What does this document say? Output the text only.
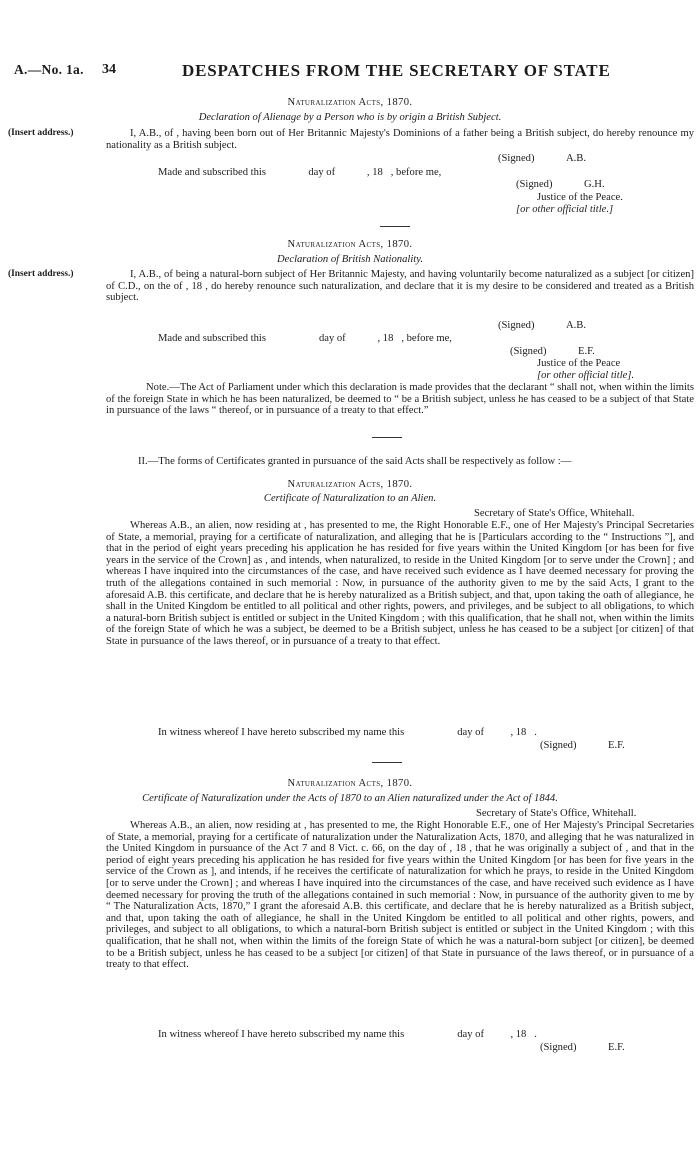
A.—No. 1a. 34	DESPATCHES FROM THE SECRETARY OF STATE
Naturalization Acts, 1870.
Declaration of Alienage by a Person who is by origin a British Subject.
(Insert address.)	I, A.B., of , having been born out of Her Britannic Majesty's Dominions of a father being a British subject, do hereby renounce my nationality as a British subject.
(Signed)	A.B.
Made and subscribed this                day of            , 18   , before me,
(Signed)	G.H.
Justice of the Peace.
[or other official title.]
Naturalization Acts, 1870.
Declaration of British Nationality.
(Insert address.)	I, A.B., of being a natural-born subject of Her Britannic Majesty, and having voluntarily become naturalized as a subject [or citizen] of C.D., on the of , 18 , do hereby renounce such naturalization, and declare that it is my desire to be considered and treated as a British subject.
(Signed)	A.B.
Made and subscribed this                    day of            , 18   , before me,
(Signed)	E.F.
Justice of the Peace
[or other official title].
Note.—The Act of Parliament under which this declaration is made provides that the declarant “ shall not, when within the limits of the foreign State in which he has been naturalized, be deemed to “ be a British subject, unless he has ceased to be a subject of that State in pursuance of the laws “ thereof, or in pursuance of a treaty to that effect.”
II.—The forms of Certificates granted in pursuance of the said Acts shall be respectively as follow :—
Naturalization Acts, 1870.
Certificate of Naturalization to an Alien.
Secretary of State's Office, Whitehall.
Whereas A.B., an alien, now residing at , has presented to me, the Right Honorable E.F., one of Her Majesty's Principal Secretaries of State, a memorial, praying for a certificate of naturalization, and alleging that he is [Particulars according to the “ Instructions ”], and that in the period of eight years preceding his application he has resided for five years within the United Kingdom [or has been for five years in the service of the Crown] as , and intends, when naturalized, to reside in the United Kingdom [or to serve under the Crown] ; and whereas I have inquired into the circumstances of the case, and have received such evidence as I have deemed necessary for proving the truth of the allegations contained in such memorial : Now, in pursuance of the authority given to me by the said Acts, I grant to the aforesaid A.B. this certificate, and declare that he is hereby naturalized as a British subject, and that, upon taking the oath of allegiance, he shall in the United Kingdom be entitled to all political and other rights, powers, and privileges, and be subject to all obligations, to which a natural-born British subject is entitled or subject in the United Kingdom ; with this qualification, that he shall not, when within the limits of the foreign State of which he was a subject, be deemed to be a British subject, unless he has ceased to be a subject [or citizen] of that State in pursuance of the laws thereof, or in pursuance of a treaty to that effect.
In witness whereof I have hereto subscribed my name this                    day of          , 18   .
(Signed)	E.F.
Naturalization Acts, 1870.
Certificate of Naturalization under the Acts of 1870 to an Alien naturalized under the Act of 1844.
Secretary of State's Office, Whitehall.
Whereas A.B., an alien, now residing at , has presented to me, the Right Honorable E.F., one of Her Majesty's Principal Secretaries of State, a memorial, praying for a certificate of naturalization under the Naturalization Acts, 1870, and alleging that he was naturalized in the United Kingdom in pursuance of the Act 7 and 8 Vict. c. 66, on the day of , 18 , that he was originally a subject of , and that in the period of eight years preceding his application he has resided for five years within the United Kingdom [or has been for five years in the service of the Crown as ], and intends, if he receives the certificate of naturalization for which he prays, to reside in the United Kingdom [or to serve under the Crown] ; and whereas I have inquired into the circumstances of the case, and have received such evidence as I have deemed necessary for proving the truth of the allegations contained in such memorial : Now, in pursuance of the authority given to me by “ The Naturalization Acts, 1870,” I grant the aforesaid A.B. this certificate, and declare that he is hereby naturalized as a British subject, and that, upon taking the oath of allegiance, he shall in the United Kingdom be entitled to all political and other rights, powers, and privileges, and subject to all obligations, to which a natural-born British subject is entitled or subject in the United Kingdom ; with this qualification, that he shall not, when within the limits of the foreign State of which he was a natural-born subject [or citizen], be deemed to be a British subject, unless he has ceased to be a subject [or citizen] of that State in pursuance of the laws thereof, or in pursuance of a treaty to that effect.
In witness whereof I have hereto subscribed my name this                    day of          , 18   .
(Signed)	E.F.
